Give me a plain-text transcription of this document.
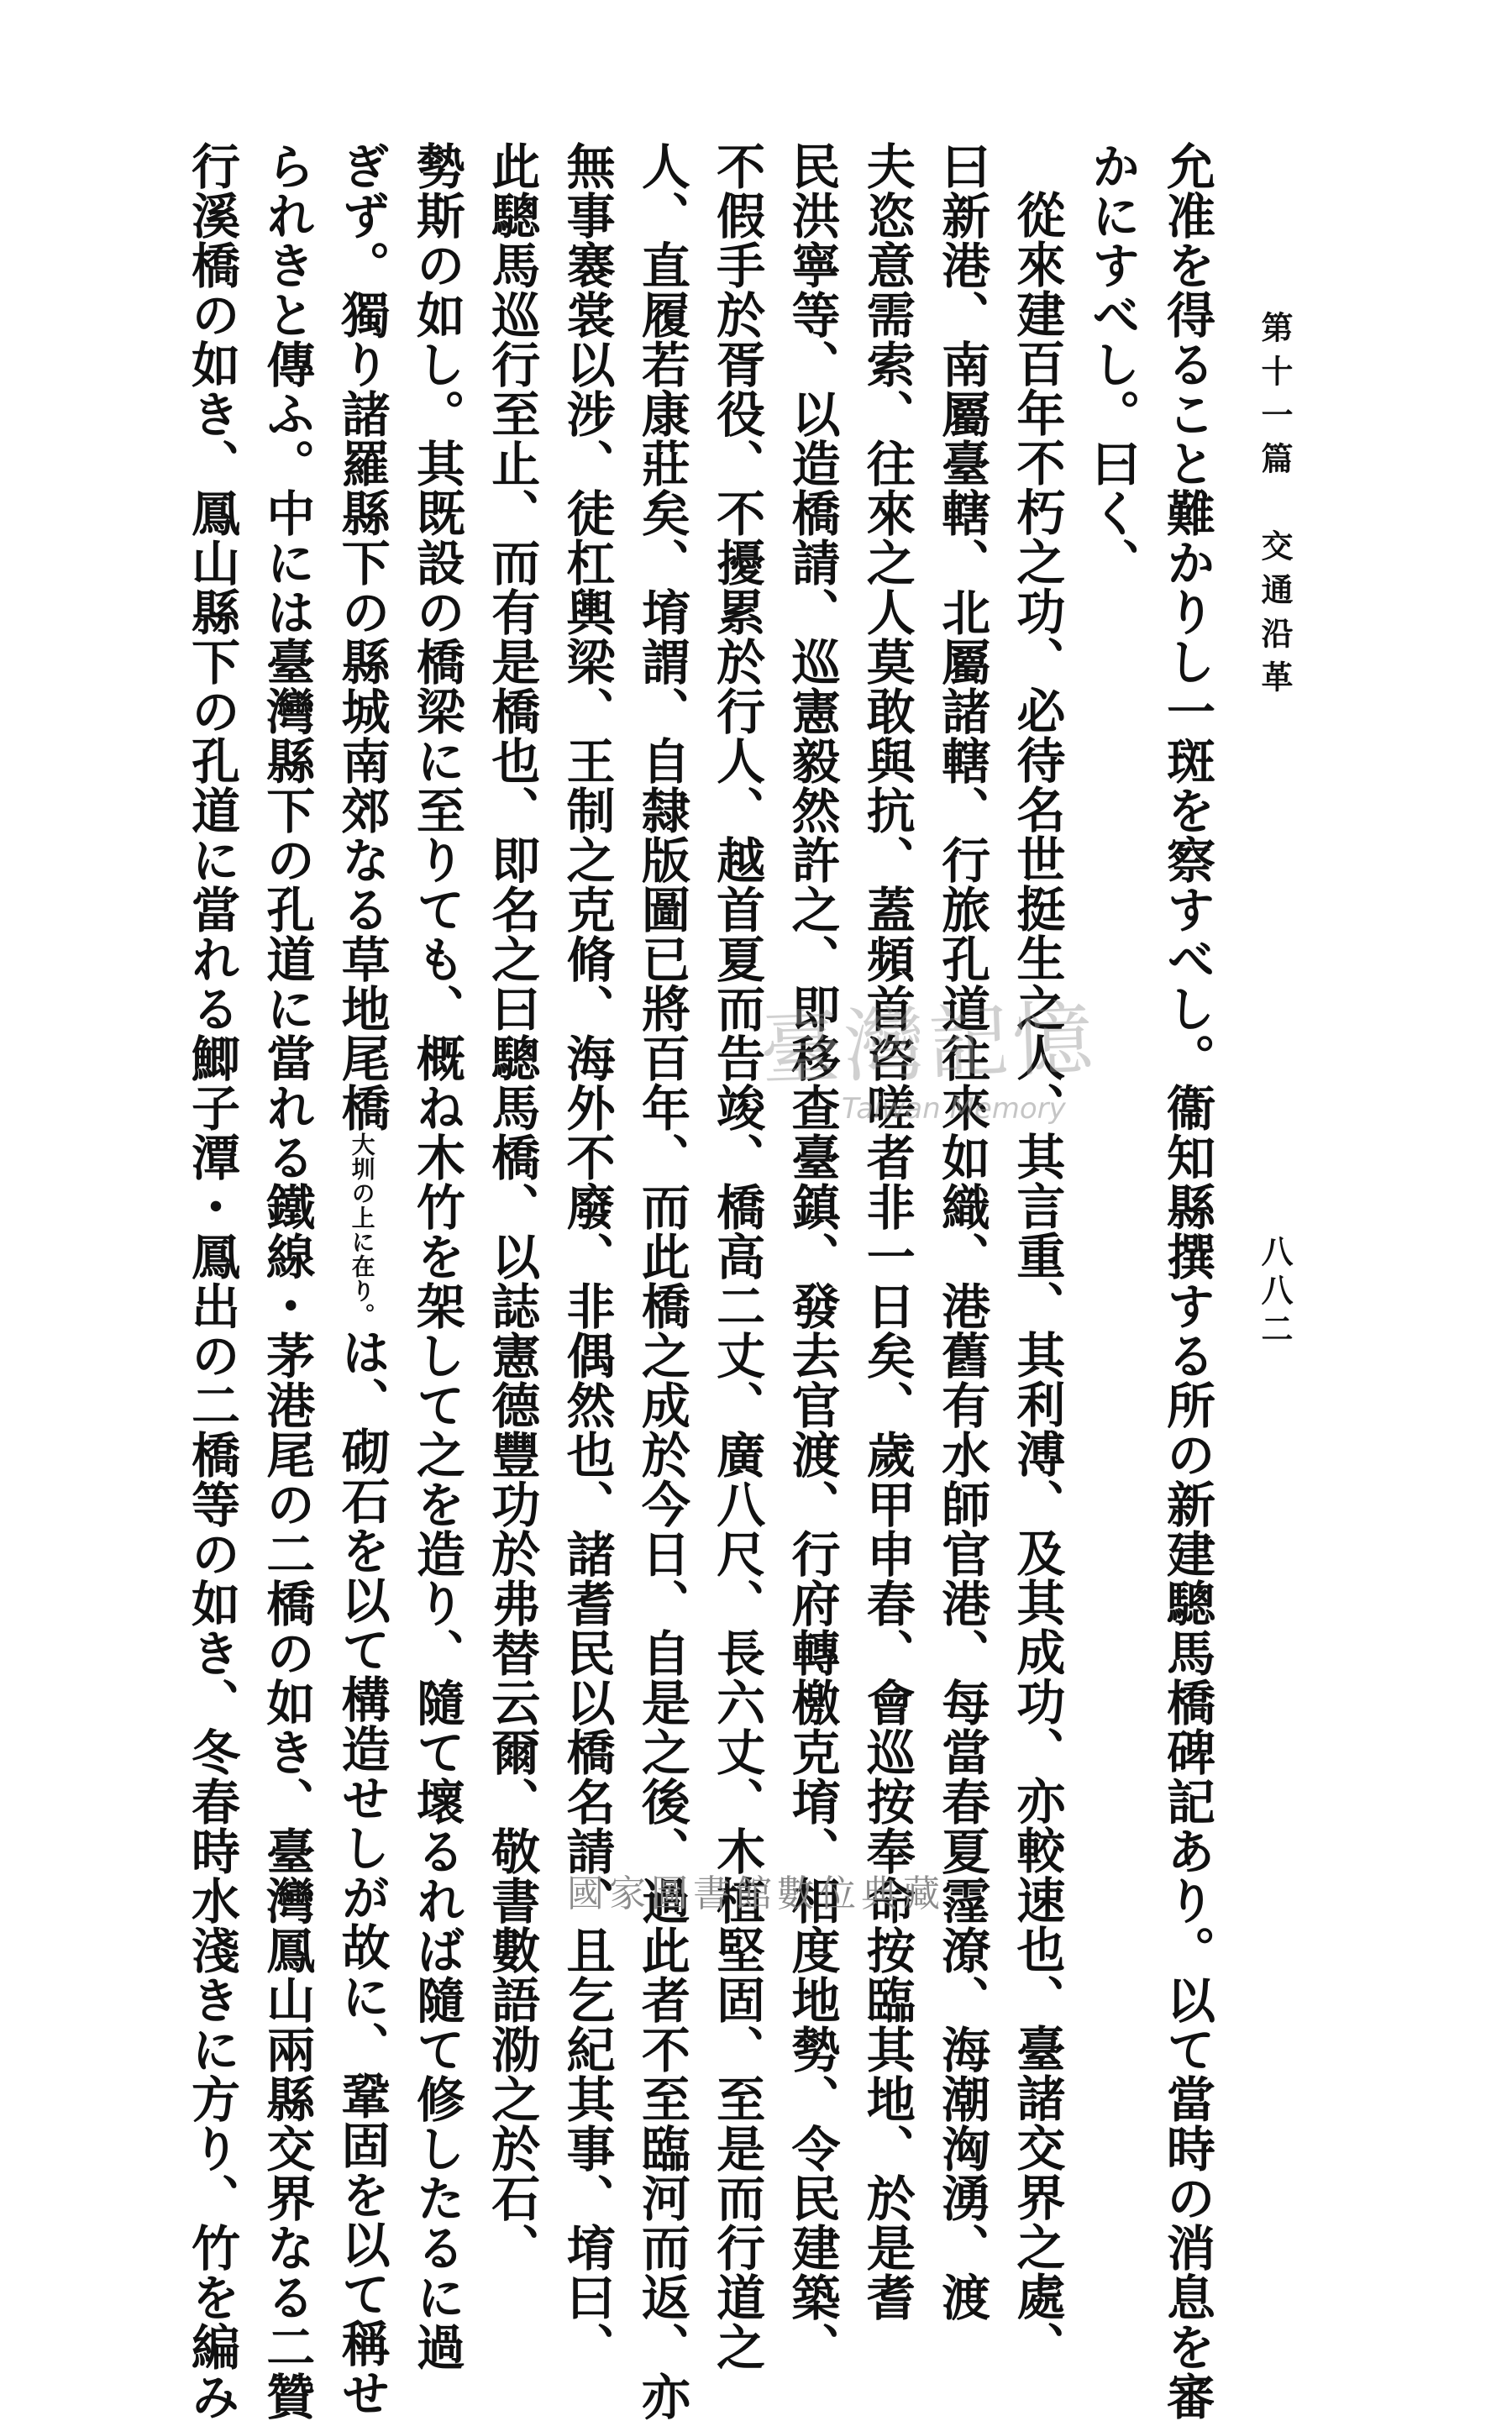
第十一篇　交通沿革
八八二
允准を得ること難かりし一斑を察すべし。衞知縣撰する所の新建驄馬橋碑記あり。以て當時の消息を審
かにすべし。曰く、
從來建百年不朽之功、必待名世挺生之人、其言重、其利溥、及其成功、亦較速也、臺諸交界之處、
曰新港、南屬臺轄、北屬諸轄、行旅孔道往來如織、港舊有水師官港、每當春夏霪潦、海潮洶湧、渡
夫恣意需索、往來之人莫敢與抗、蓋頻首咨嗟者非一日矣、歲甲申春、會巡按奉命按臨其地、於是耆
民洪寧等、以造橋請、巡憲毅然許之、即移查臺鎮、發去官渡、行府轉檄克堉、相度地勢、令民建築、
不假手於胥役、不擾累於行人、越首夏而告竣、橋高二丈、廣八尺、長六丈、木植堅固、至是而行道之
人、直履若康莊矣、堉謂、自隸版圖已將百年、而此橋之成於今日、自是之後、過此者不至臨河而返、亦
無事褰裳以涉、徒杠輿梁、王制之克脩、海外不廢、非偶然也、諸耆民以橋名請、且乞紀其事、堉曰、
此驄馬巡行至止、而有是橋也、即名之曰驄馬橋、以誌憲德豐功於弗替云爾、敬書數語泐之於石、
勢斯の如し。其既設の橋梁に至りても、概ね木竹を架して之を造り、隨て壞るれば隨て修したるに過
ぎず。獨り諸羅縣下の縣城南郊なる草地尾橋大圳の上に在り。は、砌石を以て構造せしが故に、鞏固を以て稱せ
られきと傳ふ。中には臺灣縣下の孔道に當れる鐵線・茅港尾の二橋の如き、臺灣鳳山兩縣交界なる二贊
行溪橋の如き、鳳山縣下の孔道に當れる鯽子潭・鳳出の二橋等の如き、冬春時水淺きに方り、竹を編み	臺灣記憶
Taiwan Memory
國家圖書館數位典藏
